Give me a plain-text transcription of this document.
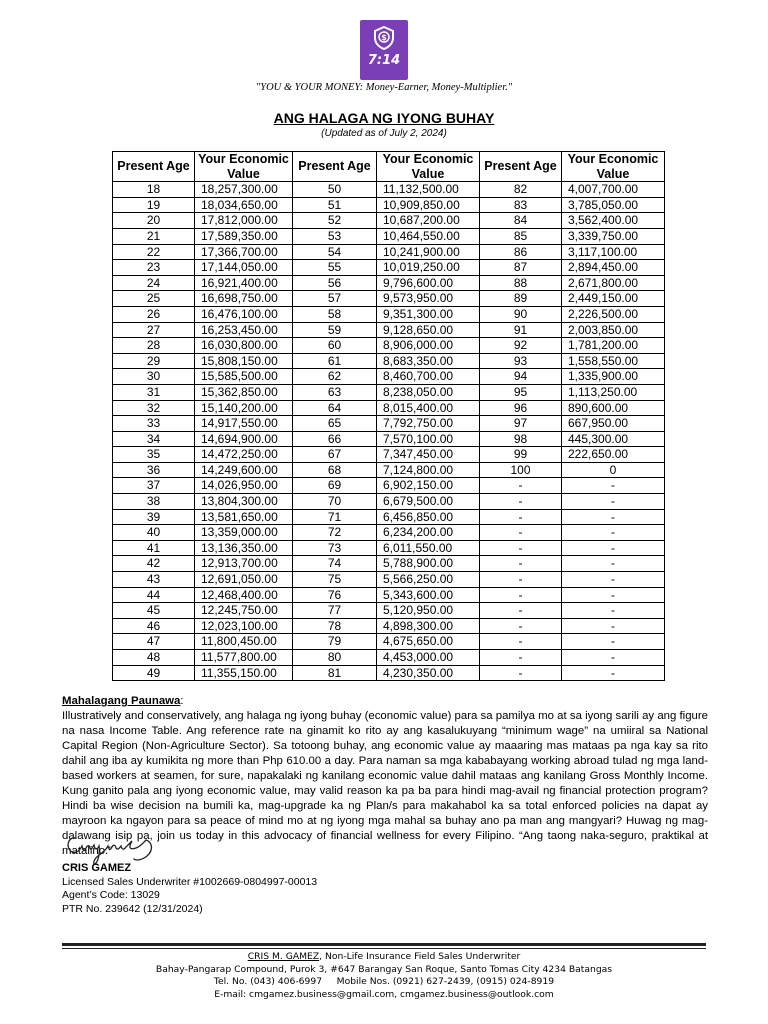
$
7:14
"YOU & YOUR MONEY: Money-Earner, Money-Multiplier."
ANG HALAGA NG IYONG BUHAY
(Updated as of July 2, 2024)
Present Age	Your Economic Value	Present Age	Your Economic Value	Present Age	Your Economic Value
18	18,257,300.00	50	11,132,500.00	82	4,007,700.00
19	18,034,650.00	51	10,909,850.00	83	3,785,050.00
20	17,812,000.00	52	10,687,200.00	84	3,562,400.00
21	17,589,350.00	53	10,464,550.00	85	3,339,750.00
22	17,366,700.00	54	10,241,900.00	86	3,117,100.00
23	17,144,050.00	55	10,019,250.00	87	2,894,450.00
24	16,921,400.00	56	9,796,600.00	88	2,671,800.00
25	16,698,750.00	57	9,573,950.00	89	2,449,150.00
26	16,476,100.00	58	9,351,300.00	90	2,226,500.00
27	16,253,450.00	59	9,128,650.00	91	2,003,850.00
28	16,030,800.00	60	8,906,000.00	92	1,781,200.00
29	15,808,150.00	61	8,683,350.00	93	1,558,550.00
30	15,585,500.00	62	8,460,700.00	94	1,335,900.00
31	15,362,850.00	63	8,238,050.00	95	1,113,250.00
32	15,140,200.00	64	8,015,400.00	96	890,600.00
33	14,917,550.00	65	7,792,750.00	97	667,950.00
34	14,694,900.00	66	7,570,100.00	98	445,300.00
35	14,472,250.00	67	7,347,450.00	99	222,650.00
36	14,249,600.00	68	7,124,800.00	100	0
37	14,026,950.00	69	6,902,150.00	-	-
38	13,804,300.00	70	6,679,500.00	-	-
39	13,581,650.00	71	6,456,850.00	-	-
40	13,359,000.00	72	6,234,200.00	-	-
41	13,136,350.00	73	6,011,550.00	-	-
42	12,913,700.00	74	5,788,900.00	-	-
43	12,691,050.00	75	5,566,250.00	-	-
44	12,468,400.00	76	5,343,600.00	-	-
45	12,245,750.00	77	5,120,950.00	-	-
46	12,023,100.00	78	4,898,300.00	-	-
47	11,800,450.00	79	4,675,650.00	-	-
48	11,577,800.00	80	4,453,000.00	-	-
49	11,355,150.00	81	4,230,350.00	-	-
Mahalagang Paunawa:
Illustratively and conservatively, ang halaga ng iyong buhay (economic value) para sa pamilya mo at sa iyong sarili ay ang figure na nasa Income Table. Ang reference rate na ginamit ko rito ay ang kasalukuyang “minimum wage” na umiiral sa National Capital Region (Non-Agriculture Sector). Sa totoong buhay, ang economic value ay maaaring mas mataas pa nga kay sa rito dahil ang iba ay kumikita ng more than Php 610.00 a day. Para naman sa mga kababayang working abroad tulad ng mga land-based workers at seamen, for sure, napakalaki ng kanilang economic value dahil mataas ang kanilang Gross Monthly Income. Kung ganito pala ang iyong economic value, may valid reason ka pa ba para hindi mag-avail ng financial protection program? Hindi ba wise decision na bumili ka, mag-upgrade ka ng Plan/s para makahabol ka sa total enforced policies na dapat ay mayroon ka ngayon para sa peace of mind mo at ng iyong mga mahal sa buhay ano pa man ang mangyari? Huwag ng mag-dalawang isip pa, join us today in this advocacy of financial wellness for every Filipino. “Ang taong naka-seguro, praktikal at matalino.”
CRIS GAMEZ
Licensed Sales Underwriter #1002669-0804997-00013
Agent’s Code: 13029
PTR No. 239642 (12/31/2024)
CRIS M. GAMEZ, Non-Life Insurance Field Sales Underwriter
Bahay-Pangarap Compound, Purok 3, #647 Barangay San Roque, Santo Tomas City 4234 Batangas
Tel. No. (043) 406-6997     Mobile Nos. (0921) 627-2439, (0915) 024-8919
E-mail: cmgamez.business@gmail.com, cmgamez.business@outlook.com
